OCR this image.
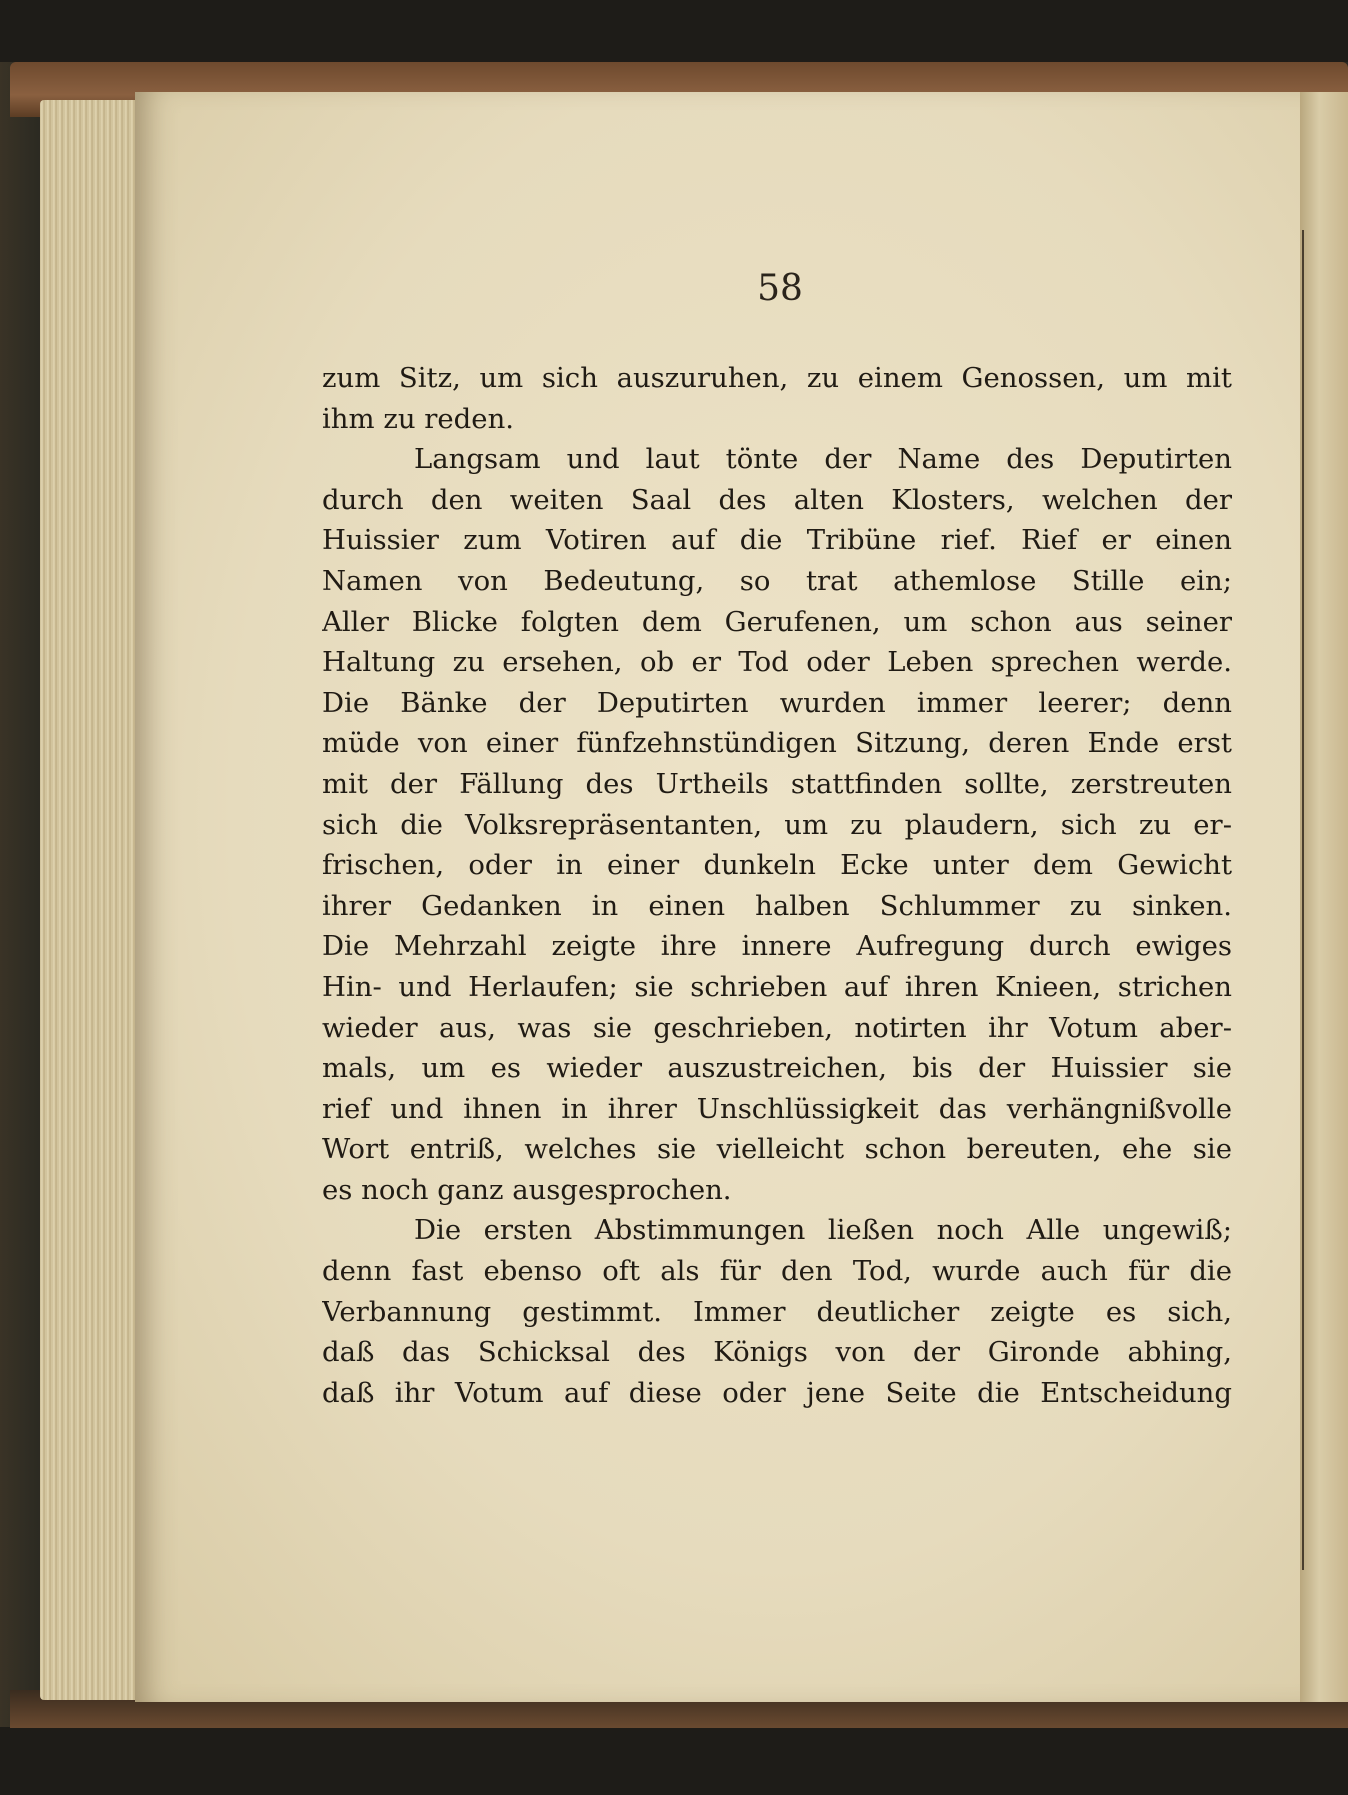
58
zum Sitz, um sich auszuruhen, zu einem Genossen, um mit
ihm zu reden.
Langsam und laut tönte der Name des Deputirten
durch den weiten Saal des alten Klosters, welchen der
Huissier zum Votiren auf die Tribüne rief. Rief er einen
Namen von Bedeutung, so trat athemlose Stille ein;
Aller Blicke folgten dem Gerufenen, um schon aus seiner
Haltung zu ersehen, ob er Tod oder Leben sprechen werde.
Die Bänke der Deputirten wurden immer leerer; denn
müde von einer fünfzehnstündigen Sitzung, deren Ende erst
mit der Fällung des Urtheils stattfinden sollte, zerstreuten
sich die Volksrepräsentanten, um zu plaudern, sich zu er-
frischen, oder in einer dunkeln Ecke unter dem Gewicht
ihrer Gedanken in einen halben Schlummer zu sinken.
Die Mehrzahl zeigte ihre innere Aufregung durch ewiges
Hin- und Herlaufen; sie schrieben auf ihren Knieen, strichen
wieder aus, was sie geschrieben, notirten ihr Votum aber-
mals, um es wieder auszustreichen, bis der Huissier sie
rief und ihnen in ihrer Unschlüssigkeit das verhängnißvolle
Wort entriß, welches sie vielleicht schon bereuten, ehe sie
es noch ganz ausgesprochen.
Die ersten Abstimmungen ließen noch Alle ungewiß;
denn fast ebenso oft als für den Tod, wurde auch für die
Verbannung gestimmt. Immer deutlicher zeigte es sich,
daß das Schicksal des Königs von der Gironde abhing,
daß ihr Votum auf diese oder jene Seite die Entscheidung
